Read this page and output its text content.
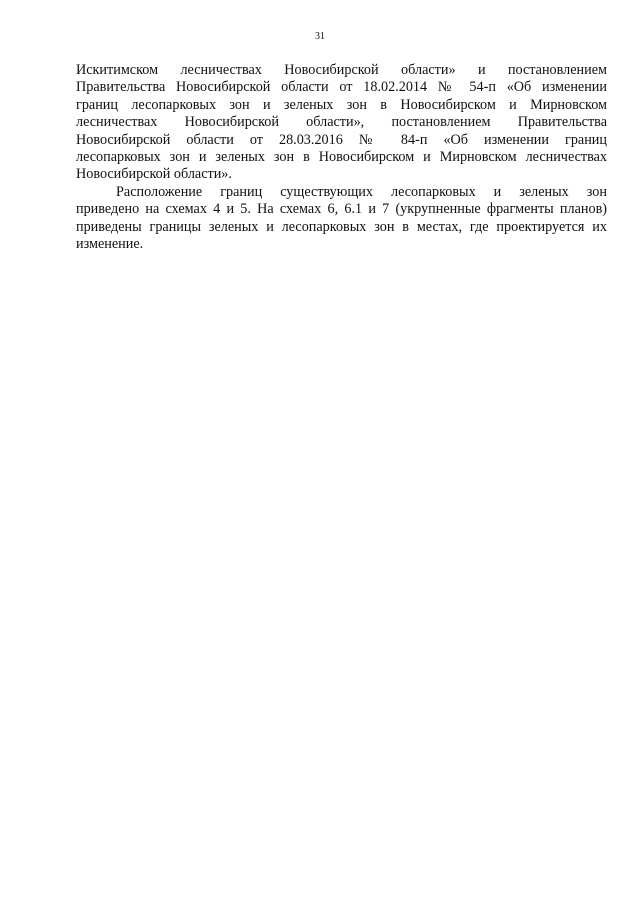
31
Искитимском лесничествах Новосибирской области» и постановлением
Правительства Новосибирской области от 18.02.2014 № 54-п «Об изменении
границ лесопарковых зон и зеленых зон в Новосибирском и Мирновском
лесничествах Новосибирской области», постановлением Правительства
Новосибирской области от 28.03.2016 № 84-п «Об изменении границ
лесопарковых зон и зеленых зон в Новосибирском и Мирновском лесничествах
Новосибирской области».
Расположение границ существующих лесопарковых и зеленых зон
приведено на схемах 4 и 5. На схемах 6, 6.1 и 7 (укрупненные фрагменты планов)
приведены границы зеленых и лесопарковых зон в местах, где проектируется их
изменение.
